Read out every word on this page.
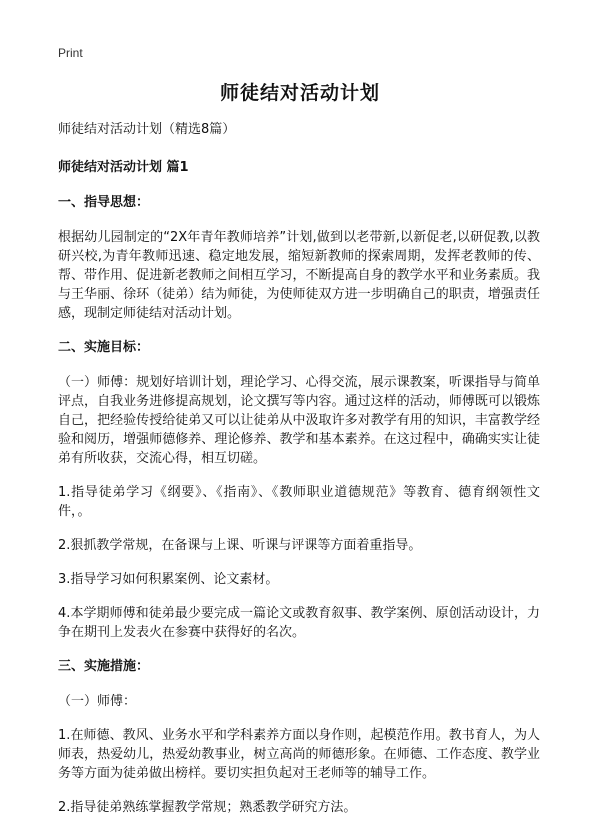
Print
师徒结对活动计划

师徒结对活动计划（精选8篇）

师徒结对活动计划 篇1

一、指导思想：

根据幼儿园制定的“2X年青年教师培养”计划,做到以老带新,以新促老,以研促教,以教研兴校,为青年教师迅速、稳定地发展，缩短新教师的探索周期，发挥老教师的传、帮、带作用、促进新老教师之间相互学习，不断提高自身的教学水平和业务素质。我与王华丽、徐环（徒弟）结为师徒，为使师徒双方进一步明确自己的职责，增强责任感，现制定师徒结对活动计划。

二、实施目标：

（一）师傅：规划好培训计划，理论学习、心得交流，展示课教案，听课指导与简单评点，自我业务进修提高规划，论文撰写等内容。通过这样的活动，师傅既可以锻炼自己，把经验传授给徒弟又可以让徒弟从中汲取许多对教学有用的知识，丰富教学经验和阅历，增强师德修养、理论修养、教学和基本素养。在这过程中，确确实实让徒弟有所收获，交流心得，相互切磋。

1.指导徒弟学习《纲要》、《指南》、《教师职业道德规范》等教育、德育纲领性文件，。

2.狠抓教学常规，在备课与上课、听课与评课等方面着重指导。

3.指导学习如何积累案例、论文素材。

4.本学期师傅和徒弟最少要完成一篇论文或教育叙事、教学案例、原创活动设计，力争在期刊上发表火在参赛中获得好的名次。

三、实施措施：

（一）师傅：

1.在师德、教风、业务水平和学科素养方面以身作则，起模范作用。教书育人，为人师表，热爱幼儿，热爱幼教事业，树立高尚的师德形象。在师德、工作态度、教学业务等方面为徒弟做出榜样。要切实担负起对王老师等的辅导工作。

2.指导徒弟熟练掌握教学常规；熟悉教学研究方法。
